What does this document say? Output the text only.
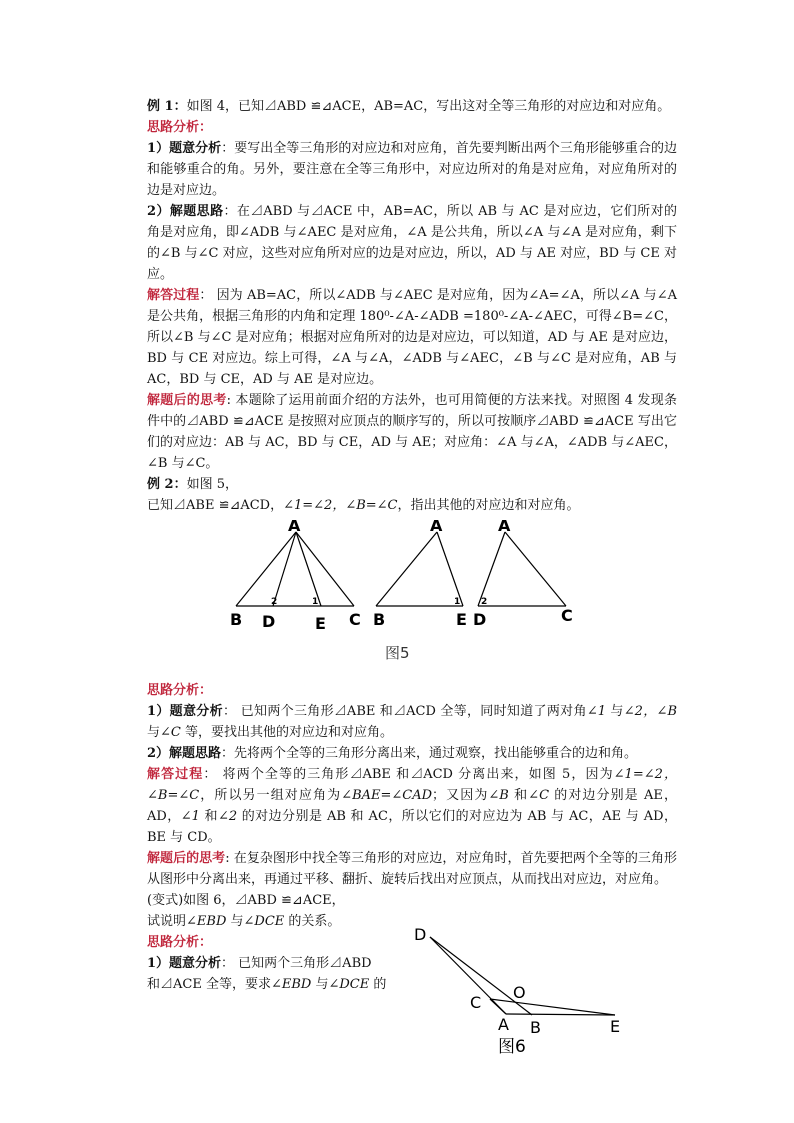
例 1：如图 4，已知⊿ABD ≌⊿ACE，AB=AC，写出这对全等三角形的对应边和对应角。

思路分析：

1）题意分析：要写出全等三角形的对应边和对应角，首先要判断出两个三角形能够重合的边和能够重合的角。另外，要注意在全等三角形中，对应边所对的角是对应角，对应角所对的边是对应边。

2）解题思路：在⊿ABD 与⊿ACE 中，AB=AC，所以 AB 与 AC 是对应边，它们所对的角是对应角，即∠ADB 与∠AEC 是对应角，∠A 是公共角，所以∠A 与∠A 是对应角，剩下的∠B 与∠C 对应，这些对应角所对应的边是对应边，所以，AD 与 AE 对应，BD 与 CE 对应。

解答过程： 因为 AB=AC，所以∠ADB 与∠AEC 是对应角，因为∠A=∠A，所以∠A 与∠A 是公共角，根据三角形的内角和定理 180⁰-∠A-∠ADB =180⁰-∠A-∠AEC，可得∠B=∠C，所以∠B 与∠C 是对应角；根据对应角所对的边是对应边，可以知道，AD 与 AE 是对应边，BD 与 CE 对应边。综上可得，∠A 与∠A，∠ADB 与∠AEC，∠B 与∠C 是对应角，AB 与 AC，BD 与 CE，AD 与 AE 是对应边。

解题后的思考: 本题除了运用前面介绍的方法外，也可用简便的方法来找。对照图 4 发现条件中的⊿ABD ≌⊿ACE 是按照对应顶点的顺序写的，所以可按顺序⊿ABD ≌⊿ACE 写出它们的对应边：AB 与 AC，BD 与 CE，AD 与 AE；对应角：∠A 与∠A，∠ADB 与∠AEC，∠B 与∠C。

例 2：如图 5，

已知⊿ABE ≌⊿ACD，∠1=∠2，∠B=∠C，指出其他的对应边和对应角。

A
B D E C
A
B	E D
A
C
2	1	1 2
图5

思路分析：

1）题意分析： 已知两个三角形⊿ABE 和⊿ACD 全等，同时知道了两对角∠1 与∠2，∠B 与∠C 等，要找出其他的对应边和对应角。

2）解题思路：先将两个全等的三角形分离出来，通过观察，找出能够重合的边和角。

解答过程： 将两个全等的三角形⊿ABE 和⊿ACD 分离出来，如图 5，因为∠1=∠2，∠B=∠C，所以另一组对应角为∠BAE=∠CAD；又因为∠B 和∠C 的对边分别是 AE，AD，∠1 和∠2 的对边分别是 AB 和 AC，所以它们的对应边为 AB 与 AC，AE 与 AD，BE 与 CD。

解题后的思考: 在复杂图形中找全等三角形的对应边，对应角时，首先要把两个全等的三角形从图形中分离出来，再通过平移、翻折、旋转后找出对应顶点，从而找出对应边，对应角。

(变式)如图 6，⊿ABD ≌⊿ACE，

试说明∠EBD 与∠DCE 的关系。

思路分析：

1）题意分析： 已知两个三角形⊿ABD

和⊿ACE 全等，要求∠EBD 与∠DCE 的

D
C
O
A B	E
图6
